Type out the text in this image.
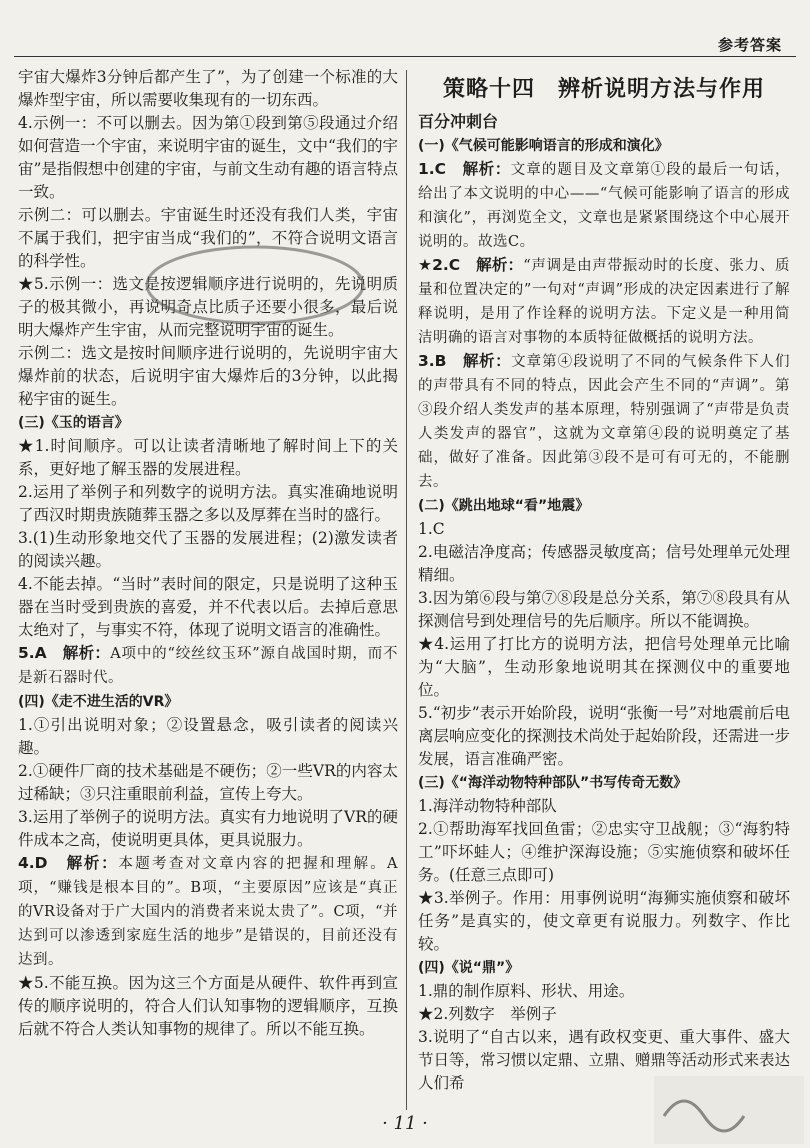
参考答案

宇宙大爆炸3分钟后都产生了”，为了创建一个标准的大爆炸型宇宙，所以需要收集现有的一切东西。

4.示例一：不可以删去。因为第①段到第⑤段通过介绍如何营造一个宇宙，来说明宇宙的诞生，文中“我们的宇宙”是指假想中创建的宇宙，与前文生动有趣的语言特点一致。

示例二：可以删去。宇宙诞生时还没有我们人类，宇宙不属于我们，把宇宙当成“我们的”，不符合说明文语言的科学性。

★5.示例一：选文是按逻辑顺序进行说明的，先说明质子的极其微小，再说明奇点比质子还要小很多，最后说明大爆炸产生宇宙，从而完整说明宇宙的诞生。

示例二：选文是按时间顺序进行说明的，先说明宇宙大爆炸前的状态，后说明宇宙大爆炸后的3分钟，以此揭秘宇宙的诞生。

(三)《玉的语言》

★1.时间顺序。可以让读者清晰地了解时间上下的关系，更好地了解玉器的发展进程。

2.运用了举例子和列数字的说明方法。真实准确地说明了西汉时期贵族随葬玉器之多以及厚葬在当时的盛行。

3.(1)生动形象地交代了玉器的发展进程；(2)激发读者的阅读兴趣。

4.不能去掉。“当时”表时间的限定，只是说明了这种玉器在当时受到贵族的喜爱，并不代表以后。去掉后意思太绝对了，与事实不符，体现了说明文语言的准确性。

5.A　解析：A项中的“绞丝纹玉环”源自战国时期，而不是新石器时代。

(四)《走不进生活的VR》

1.①引出说明对象；②设置悬念，吸引读者的阅读兴趣。

2.①硬件厂商的技术基础是不硬伤；②一些VR的内容太过稀缺；③只注重眼前利益，宣传上夸大。

3.运用了举例子的说明方法。真实有力地说明了VR的硬件成本之高，使说明更具体，更具说服力。

4.D　解析：本题考查对文章内容的把握和理解。A项，“赚钱是根本目的”。B项，“主要原因”应该是“真正的VR设备对于广大国内的消费者来说太贵了”。C项，“并达到可以渗透到家庭生活的地步”是错误的，目前还没有达到。

★5.不能互换。因为这三个方面是从硬件、软件再到宣传的顺序说明的，符合人们认知事物的逻辑顺序，互换后就不符合人类认知事物的规律了。所以不能互换。

策略十四　辨析说明方法与作用
百分冲刺台

(一)《气候可能影响语言的形成和演化》

1.C　解析：文章的题目及文章第①段的最后一句话，给出了本文说明的中心——“气候可能影响了语言的形成和演化”，再浏览全文，文章也是紧紧围绕这个中心展开说明的。故选C。

★2.C　解析：“声调是由声带振动时的长度、张力、质量和位置决定的”一句对“声调”形成的决定因素进行了解释说明，是用了作诠释的说明方法。下定义是一种用简洁明确的语言对事物的本质特征做概括的说明方法。

3.B　解析：文章第④段说明了不同的气候条件下人们的声带具有不同的特点，因此会产生不同的“声调”。第③段介绍人类发声的基本原理，特别强调了“声带是负责人类发声的器官”，这就为文章第④段的说明奠定了基础，做好了准备。因此第③段不是可有可无的，不能删去。

(二)《跳出地球“看”地震》

1.C

2.电磁洁净度高；传感器灵敏度高；信号处理单元处理精细。

3.因为第⑥段与第⑦⑧段是总分关系，第⑦⑧段具有从探测信号到处理信号的先后顺序。所以不能调换。

★4.运用了打比方的说明方法，把信号处理单元比喻为“大脑”，生动形象地说明其在探测仪中的重要地位。

5.“初步”表示开始阶段，说明“张衡一号”对地震前后电离层响应变化的探测技术尚处于起始阶段，还需进一步发展，语言准确严密。

(三)《“海洋动物特种部队”书写传奇无数》

1.海洋动物特种部队

2.①帮助海军找回鱼雷；②忠实守卫战舰；③“海豹特工”吓坏蛙人；④维护深海设施；⑤实施侦察和破坏任务。(任意三点即可)

★3.举例子。作用：用事例说明“海狮实施侦察和破坏任务”是真实的，使文章更有说服力。列数字、作比较。

(四)《说“鼎”》

1.鼎的制作原料、形状、用途。

★2.列数字　举例子

3.说明了“自古以来，遇有政权变更、重大事件、盛大节日等，常习惯以定鼎、立鼎、赠鼎等活动形式来表达人们希

· 11 ·
